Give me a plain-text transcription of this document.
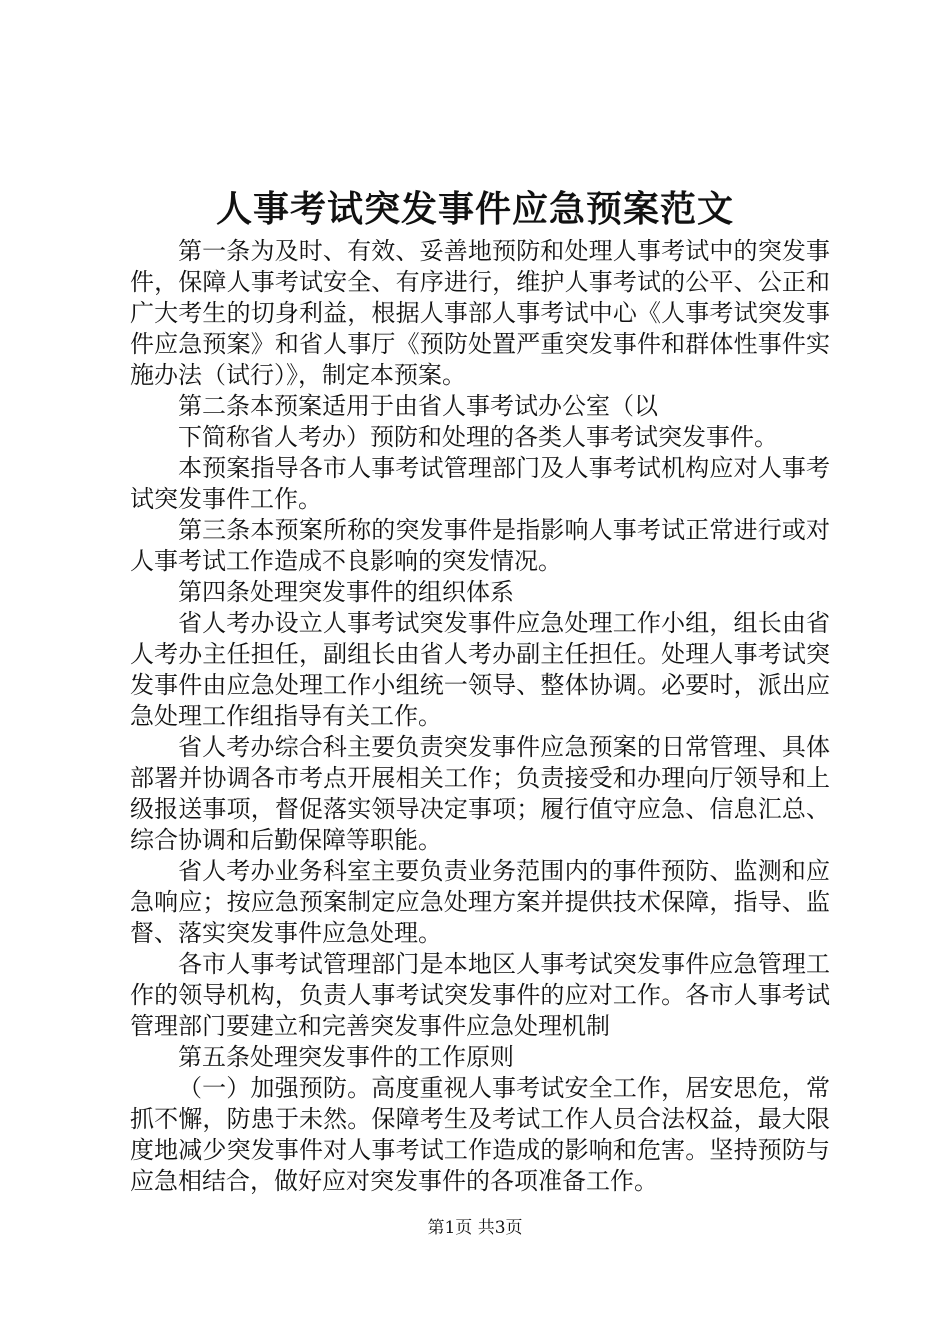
人事考试突发事件应急预案范文

第一条为及时、有效、妥善地预防和处理人事考试中的突发事件，保障人事考试安全、有序进行，维护人事考试的公平、公正和广大考生的切身利益，根据人事部人事考试中心《人事考试突发事件应急预案》和省人事厅《预防处置严重突发事件和群体性事件实施办法（试行）》，制定本预案。

第二条本预案适用于由省人事考试办公室（以

下简称省人考办）预防和处理的各类人事考试突发事件。

本预案指导各市人事考试管理部门及人事考试机构应对人事考试突发事件工作。

第三条本预案所称的突发事件是指影响人事考试正常进行或对人事考试工作造成不良影响的突发情况。

第四条处理突发事件的组织体系

省人考办设立人事考试突发事件应急处理工作小组，组长由省人考办主任担任，副组长由省人考办副主任担任。处理人事考试突发事件由应急处理工作小组统一领导、整体协调。必要时，派出应急处理工作组指导有关工作。

省人考办综合科主要负责突发事件应急预案的日常管理、具体部署并协调各市考点开展相关工作；负责接受和办理向厅领导和上级报送事项，督促落实领导决定事项；履行值守应急、信息汇总、综合协调和后勤保障等职能。

省人考办业务科室主要负责业务范围内的事件预防、监测和应急响应；按应急预案制定应急处理方案并提供技术保障，指导、监督、落实突发事件应急处理。

各市人事考试管理部门是本地区人事考试突发事件应急管理工作的领导机构，负责人事考试突发事件的应对工作。各市人事考试管理部门要建立和完善突发事件应急处理机制

第五条处理突发事件的工作原则

（一）加强预防。高度重视人事考试安全工作，居安思危，常抓不懈，防患于未然。保障考生及考试工作人员合法权益，最大限度地减少突发事件对人事考试工作造成的影响和危害。坚持预防与应急相结合，做好应对突发事件的各项准备工作。

第1页 共3页
